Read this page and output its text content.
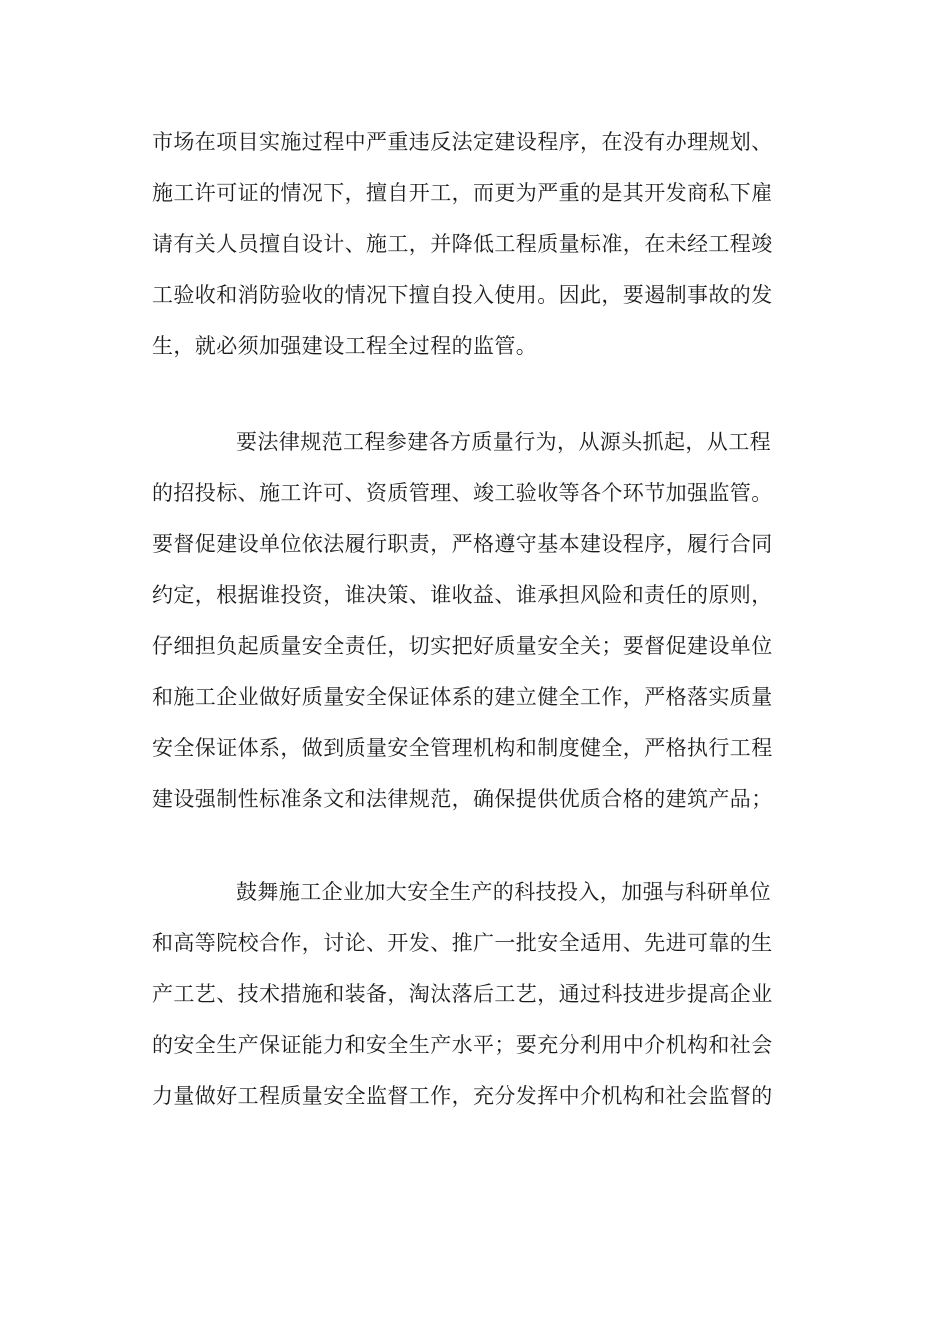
市场在项目实施过程中严重违反法定建设程序，在没有办理规划、
施工许可证的情况下，擅自开工，而更为严重的是其开发商私下雇
请有关人员擅自设计、施工，并降低工程质量标准，在未经工程竣
工验收和消防验收的情况下擅自投入使用。因此，要遏制事故的发
生，就必须加强建设工程全过程的监管。
要法律规范工程参建各方质量行为，从源头抓起，从工程
的招投标、施工许可、资质管理、竣工验收等各个环节加强监管。
要督促建设单位依法履行职责，严格遵守基本建设程序，履行合同
约定，根据谁投资，谁决策、谁收益、谁承担风险和责任的原则，
仔细担负起质量安全责任，切实把好质量安全关；要督促建设单位
和施工企业做好质量安全保证体系的建立健全工作，严格落实质量
安全保证体系，做到质量安全管理机构和制度健全，严格执行工程
建设强制性标准条文和法律规范，确保提供优质合格的建筑产品；
鼓舞施工企业加大安全生产的科技投入，加强与科研单位
和高等院校合作，讨论、开发、推广一批安全适用、先进可靠的生
产工艺、技术措施和装备，淘汰落后工艺，通过科技进步提高企业
的安全生产保证能力和安全生产水平；要充分利用中介机构和社会
力量做好工程质量安全监督工作，充分发挥中介机构和社会监督的
